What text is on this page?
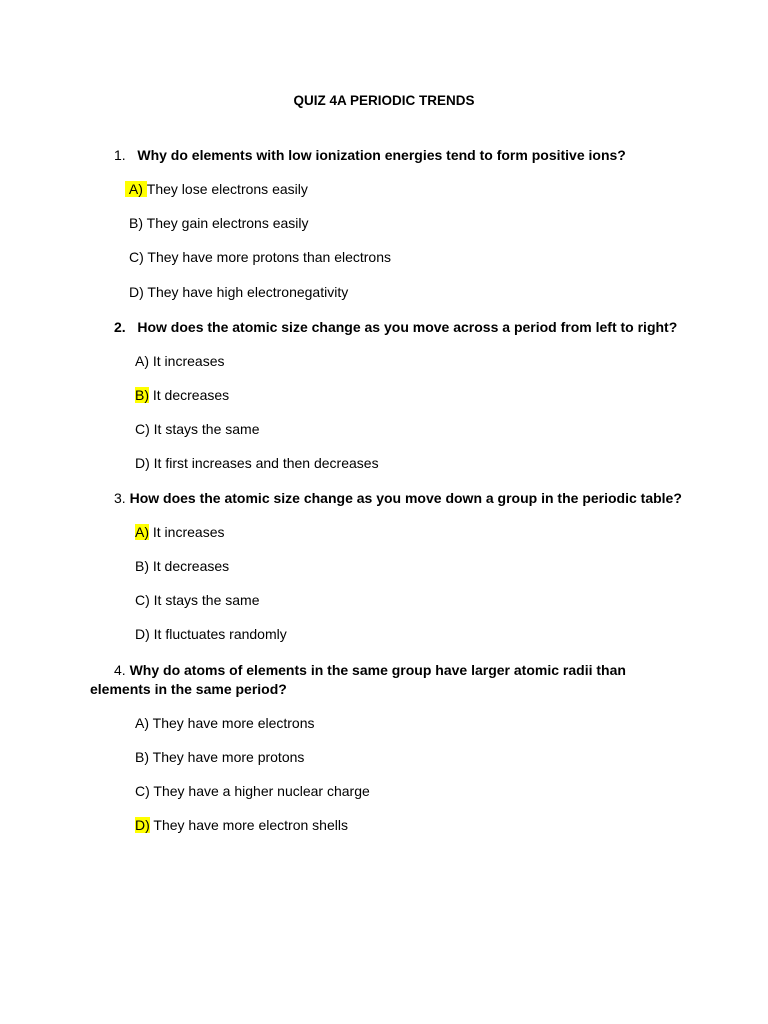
QUIZ 4A PERIODIC TRENDS
1. Why do elements with low ionization energies tend to form positive ions?
A) They lose electrons easily
B) They gain electrons easily
C) They have more protons than electrons
D) They have high electronegativity
2. How does the atomic size change as you move across a period from left to right?
A) It increases
B) It decreases
C) It stays the same
D) It first increases and then decreases
3. How does the atomic size change as you move down a group in the periodic table?
A) It increases
B) It decreases
C) It stays the same
D) It fluctuates randomly
4. Why do atoms of elements in the same group have larger atomic radii than elements in the same period?
A) They have more electrons
B) They have more protons
C) They have a higher nuclear charge
D) They have more electron shells
